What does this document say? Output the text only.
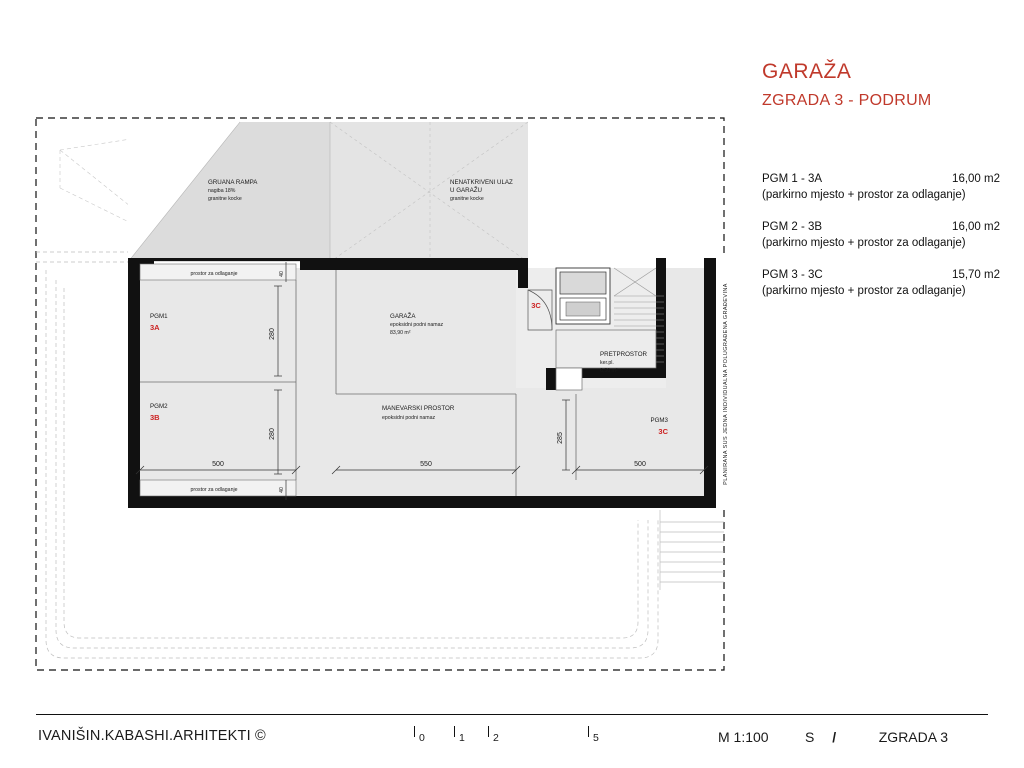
GARAŽA
ZGRADA 3 - PODRUM
PGM 1 - 3A	16,00 m2
(parkirno mjesto + prostor za odlaganje)
PGM 2 - 3B	16,00 m2
(parkirno mjesto + prostor za odlaganje)
PGM 3 - 3C	15,70 m2
(parkirno mjesto + prostor za odlaganje)
GRUANA RAMPA
nagiba 18%
granitne kocke
NENATKRIVENI ULAZ
U GARAŽU
granitne kocke
prostor za odlaganje
prostor za odlaganje
PGM1
3A
PGM2
3B	PGM3
3C
GARAŽA
epoksidni podni namaz
83,90 m²
MANEVARSKI PROSTOR
epoksidni podni namaz
3C
PRETPROSTOR
ker.pl.
6,50 m²
500	550	500
280
280	285
40
40
PLANIRANA SUS JEDNA INDIVIDUALNA POLUGRAĐENA GRAĐEVINA
IVANIŠIN.KABASHI.ARHITEKTI ©	0	1	2	5	M 1:100	S /	ZGRADA 3
